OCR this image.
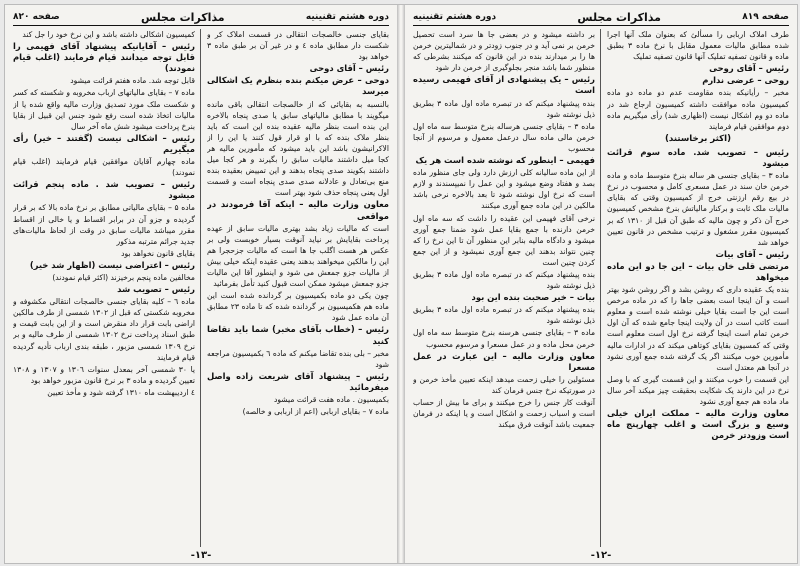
دوره هشتم تقنینیه
مذاکرات مجلس
صفحه ۸۲۰
بقایای جنسی خالصجات انتقالی در قسمت املاک کر و شکست دار مطابق ماده ٤ و در غیر آن بر طبق ماده ۳ خواهد بود
رئیس – آقای دوحی
دوحی – عرض میکنم بنده بنظرم یک اشکالی میرسد
بالنسبه به بقایائی که از خالصجات انتقالی باقی مانده میگویند با مطابق مالیاتهای سابق یا صدی پنجاه بالاخره این بنده است بنظر مالیه عقیده بنده این است که باید بنظر ملاک بنده که با او قرار قول کنند یا این را از الاکرانیشون باشد این باید میشود که مأمورین مالیه هر کجا میل داشتند مالیات سابق را بگیرند و هر کجا میل داشتند بکویند صدی پنجاه بدهند و این تمییض بعقیده بنده منع بی‌تعادل و عادلانه صدی صدی پنجاه است و قسمت اول یعنی پنجاه حذف شود بهتر است
معاون وزارت مالیه – اینکه آقا فرمودند در مواقعی
است که مالیات زیاد بشد بهتری مالیات سابق از عهده پرداخت بقایایش بر نیاید آنوقت بسیار خوبست ولی بر عکس هر هست اگلب جا ها است که مالیات جزحجرا هم این را مالکین میخواهند بدهند یعنی عقیده اینکه خیلی بیش از مالیات جزو جمعش می شود و اینطور آقا این مالیات جزو جمعش میشود ممکن است قبول کنید تأمل بفرمائید
چون یکی دو ماده بکمیسیون بر گردانده شده است این ماده هم هکمیسیون بر گردانده شده که تا ماده ۲۳ مطابق آن ماده عمل شود
رئیس – (خطاب بآقای مخبر) شما باید تقاضا کنید
مخبر – بلی بنده تقاضا میکنم که ماده ٦ بکمیسیون مراجعه شود
رئیس – پیشنهاد آقای شریعت زاده واصل میفرمائید
بکمیسیون . ماده هفت قرائت میشود
ماده ٧ – بقایای اربابی (اعم از اربابی و خالصه)
کمیسیون اشکالی داشته باشد و این نرخ خود را جل کند
رئیس – آقایانیکه پیشنهاد آقای فهیمی را قابل توجه میدانند قیام فرمایند (اغلب قیام نمودند)
قابل توجه شد. ماده هفتم قرائت میشود
ماده ۷ – بقایای مالیاتهای ارباب مخروبه و شکسته که کسر و شکست ملک مورد تصدیق وزارت مالیه واقع شده یا از مالیات اتخاذ شده است رفع شود جنس این قبیل از بقایا بنرخ پرداخت میشود شش ماه آخر سال
رئیس – اشکالی نیست (گفتند – خیر) رأی میگیریم
ماده چهارم آقایان موافقین قیام فرمایند (اغلب قیام نمودند)
رئیس – تصویب شد . ماده پنجم قرائت میشود
ماده ۵ – بقایای مالیاتی مطابق بر نرخ ماده بالا که بر قرار گردیده و جزو آن در برابر اقساط و یا خالی از اقساط مقرر میباشد مالیات سابق در وقت از لحاظ مالیات‌های جدید جرائم مترتبه مذکور
بقایای قانون نخواهد بود
رئیس – اعتراضی نیست (اظهار شد خیر)
مخالفین ماده پنجم برخیزند (اکثر قیام نمودند)
رئیس – تصویب شد
ماده ٦ – کلیه بقایای جنسی خالصجات انتقالی مکشوفه و مخروبه شکستی که قبل از ۱۳۰۲ شمسی از طرف مالکین اراضی بابت قرار داد منقرض است و از این بابت قیمت و طبق اسناد پرداخت نرخ ۱۳۰۲ شمسی از طرف مالیه و بر نرخ ۱۳۰۹ شمسی مزبور ، طبقه بندی ارباب تأدیه گردیده قیام فرمایند
یا ۳۰ شمسی آخر بمعدل سنوات ۱۳۰٦ و ۱۳۰٧ و ۱۳۰۸ تعیین گردیده و ماده ۳ بر نرخ قانون مزبور خواهد بود
٤ اردیبهشت ماه ۱۳۱۰ گرفته شود و مأخذ تعیین
-۱۳-
صفحه ۸۱۹
مذاکرات مجلس
دوره هشتم تقنینیه
طرف املاک اربابی را مسألئ که بعنوان ملک آنها اجرا شده مطابق مالیات معمول مقابل با نرخ ماده ۳ بطبق ماده و قانون تصفیه تملیک آنها قانون تصفیه تملیک
رئیس – آقای روحی
روحی – عرضی ندارم
مخبر – رأیانیکه بنده مقاومت عدم دو ماده دو ماده کمیسیون ماده موافقت داشته کمیسیون ارجاع شد در ماده دو وم اشکال نیست (اظهاری شد) رأی میگیریم ماده دوم موافقین قیام فرمایند
(اکثر برخاستند)
رئیس – تصویب شد. ماده سوم قرائت میشود
ماده ۳ – بقایای جنسی هر ساله بنرخ متوسط ماده و ماده خرمن خان سند در عمل مسعری کامل و محسوب در نرخ در بیع رقم ارزنتی خرج از کمیسیون وقتی که بقایای مالیات ملک ثابت و برکنار مالیاتش بنرخ مشخص کمیسیون خرج آن ذکر و چون مالیه که طبق آن قبل از ۱۳۱۰ که بر کمیسیون مقرر مشغول و ترتیب مشخص در قانون تعیین خواهد شد
رئیس – آقای بیات
مرتضی قلی خان بیات – این جا دو این ماده میخواهد
بنده یک عقیده داری که روشن بشد و اگر روشن شود بهتر است و آن اینجا است بعضی جاها را که در ماده مرخص است این جا است بقایا خیلی نوشته شده است و معلوم است کاتب است در آن ولایت اینجا جامع شده که آن اول خرمن تمام است اینجا گرفته نرخ اول است معلوم است وقتی که کمسیون بقایای کوتاهی میکند که در ادارات مالیه مأمورین خوب میکنند اگر یک گرفته شده جمع آوری نشود در آنجا هم معتدل است
این قسمت را خوب میکنند و این قسمت گیری که با وصل نرخ در این دارند یک شکایت بحقیقت چیز میکند آخر سال ماد ماده هم جمع آوری نشود
معاون وزارت مالیه – مملکت ایران خیلی وسیع و بزرگ است و اغلب چهارپنج ماه است وزودتر خرمن
بر داشته میشود و در بعضی جا ها سرد است تحصیل خرمن بر نمی آید و در جنوب زودتر و در شمالیترین خرمن ها را بر میدارند بنده در این قانون که میکنند بشرطی که منظور شما باشد منجر بجلوگیری از خرمن دار شود
رئیس – یک پیشنهادی از آقای فهیمی رسیده است
بنده پیشنهاد میکنم که در تبصره ماده اول ماده ۳ بطریق ذیل نوشته شود
ماده ۳ – بقایای جنسی هرساله بنرخ متوسط سه ماه اول خرمن مالی ماده سال درعمل معمول و مرسوم از آنجا محسوب
فهیمی – اینطور که نوشته شده است هر یک
از این ماده سالیانه کلی ارزش دارد ولی جای منظور ماده بصد و هفتاد وضع میشود و این عمل را نمیپسندند و لازم است که نرخ اول نوشته شود تا بعد بالاخره نرخی باشد مالکین در این ماده جمع آوری میکنند
نرخی آقای فهیمی این عقیده را داشت که سه ماه اول خرمن دارنده با جمع بقایا عمل شود ضمنا جمع آوری میشود و دادگاه مالیه بنابر این منظور آن تا این نرخ را که چنین نتواند بدهند این جمع آوری نمیشود و از این جمع کردن چنین است
بنده پیشنهاد میکنم که در تبصره ماده اول ماده ۳ بطریق ذیل نوشته شود
بیات – خیر صحبت بنده این بود
بنده پیشنهاد میکنم که در تبصره ماده اول ماده ۳ بطریق ذیل نوشته شود
ماده ۳ – بقایای جنسی هرسنه بنرخ متوسط سه ماه اول خرمن محل ماده و در عمل مسعرا و مرسوم محسوب
معاون وزارت مالیه – این عبارت در عمل مسعرا
مسئولین را خیلی زحمت میدهد اینکه تعیین مأخذ خرمن و در صورتیکه نرخ جنس فرمان کند
آنوقت کار جنس را خرج میکنند و برای ما بیش از حساب است و اسباب زحمت و اشکال است و یا اینکه در فرمان جمعیت باشد آنوقت فرق میکند
-۱۲-
